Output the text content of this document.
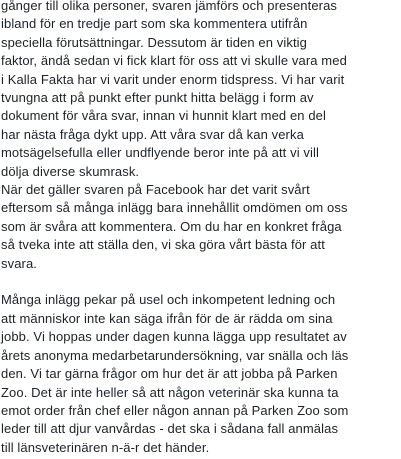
gånger till olika personer, svaren jämförs och presenteras
ibland för en tredje part som ska kommentera utifrån
speciella förutsättningar. Dessutom är tiden en viktig
faktor, ändå sedan vi fick klart för oss att vi skulle vara med
i Kalla Fakta har vi varit under enorm tidspress. Vi har varit
tvungna att på punkt efter punkt hitta belägg i form av
dokument för våra svar, innan vi hunnit klart med en del
har nästa fråga dykt upp. Att våra svar då kan verka
motsägelsefulla eller undflyende beror inte på att vi vill
dölja diverse skumrask.

När det gäller svaren på Facebook har det varit svårt
eftersom så många inlägg bara innehållit omdömen om oss
som är svåra att kommentera. Om du har en konkret fråga
så tveka inte att ställa den, vi ska göra vårt bästa för att
svara.

Många inlägg pekar på usel och inkompetent ledning och
att människor inte kan säga ifrån för de är rädda om sina
jobb. Vi hoppas under dagen kunna lägga upp resultatet av
årets anonyma medarbetarundersökning, var snälla och läs
den. Vi tar gärna frågor om hur det är att jobba på Parken
Zoo. Det är inte heller så att någon veterinär ska kunna ta
emot order från chef eller någon annan på Parken Zoo som
leder till att djur vanvårdas - det ska i sådana fall anmälas
till länsveterinären n-ä-r det händer.
